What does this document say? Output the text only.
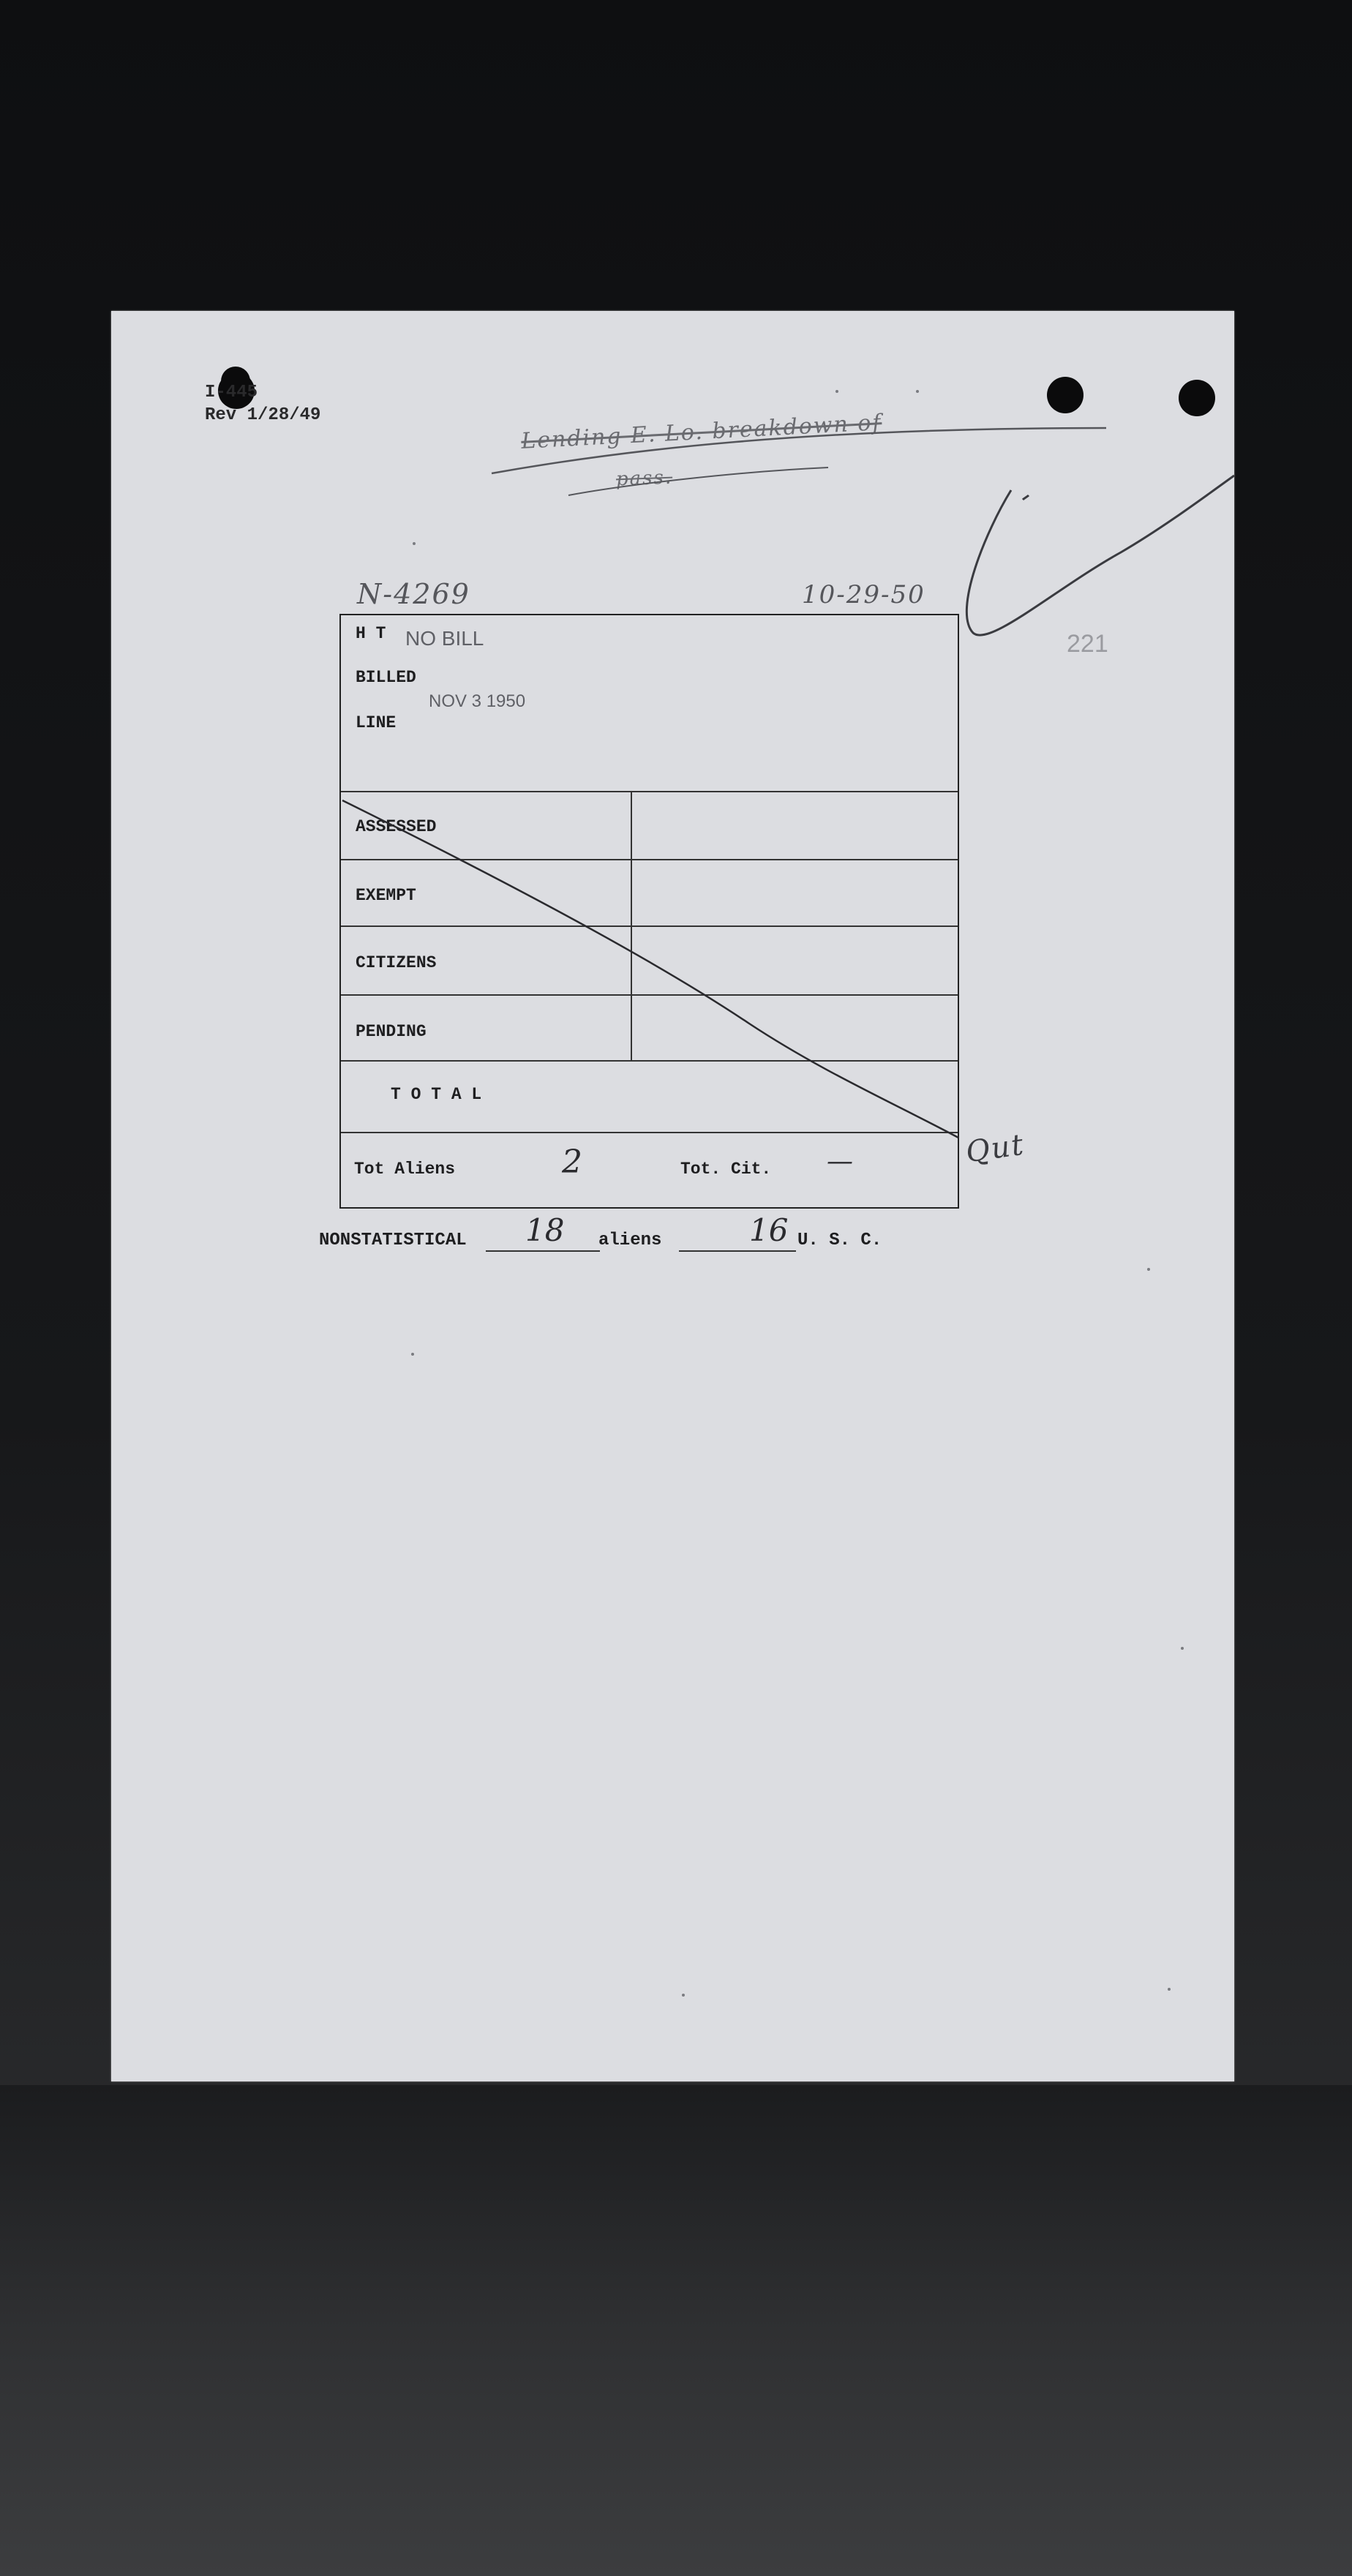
I-445
Rev 1/28/49	Lending E. Lo. breakdown of
pass.
N-4269	10-29-50
221
H T NO BILL
BILLED
NOV 3 1950
LINE
ASSESSED
EXEMPT
CITIZENS
PENDING
T O T A L
Tot Aliens	2	Tot. Cit. —	Qut
NONSTATISTICAL 18 aliens	16 U. S. C.
